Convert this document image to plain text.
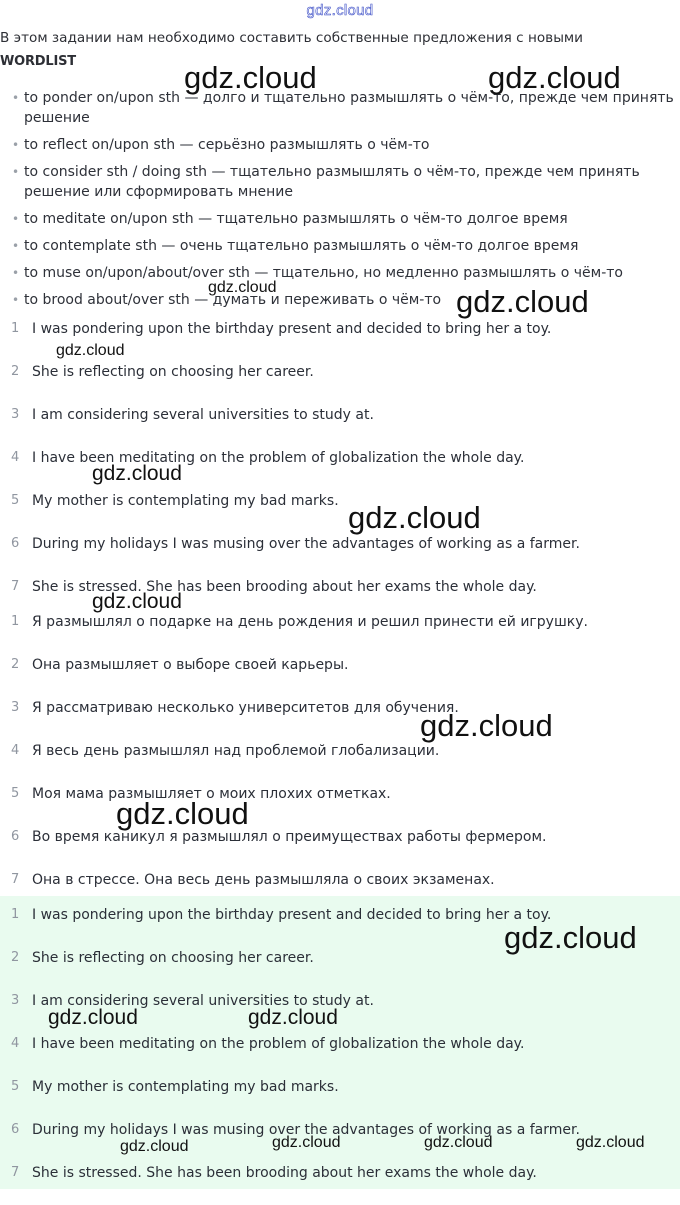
gdz.cloud
В этом задании нам необходимо составить собственные предложения с новыми
WORDLIST
• to ponder on/upon sth — долго и тщательно размышлять о чём-то, прежде чем принять решение
• to reflect on/upon sth — серьёзно размышлять о чём-то
• to consider sth / doing sth — тщательно размышлять о чём-то, прежде чем принять решение или сформировать мнение
• to meditate on/upon sth — тщательно размышлять о чём-то долгое время
• to contemplate sth — очень тщательно размышлять о чём-то долгое время
• to muse on/upon/about/over sth — тщательно, но медленно размышлять о чём-то
• to brood about/over sth — думать и переживать о чём-то
1 I was pondering upon the birthday present and decided to bring her a toy.
2 She is reflecting on choosing her career.
3 I am considering several universities to study at.
4 I have been meditating on the problem of globalization the whole day.
5 My mother is contemplating my bad marks.
6 During my holidays I was musing over the advantages of working as a farmer.
7 She is stressed. She has been brooding about her exams the whole day.
1 Я размышлял о подарке на день рождения и решил принести ей игрушку.
2 Она размышляет о выборе своей карьеры.
3 Я рассматриваю несколько университетов для обучения.
4 Я весь день размышлял над проблемой глобализации.
5 Моя мама размышляет о моих плохих отметках.
6 Во время каникул я размышлял о преимуществах работы фермером.
7 Она в стрессе. Она весь день размышляла о своих экзаменах.
1 I was pondering upon the birthday present and decided to bring her a toy.
2 She is reflecting on choosing her career.
3 I am considering several universities to study at.
4 I have been meditating on the problem of globalization the whole day.
5 My mother is contemplating my bad marks.
6 During my holidays I was musing over the advantages of working as a farmer.
7 She is stressed. She has been brooding about her exams the whole day.
gdz.cloud	gdz.cloud
gdz.cloud	gdz.cloud
gdz.cloud
gdz.cloud
gdz.cloud
gdz.cloud
gdz.cloud
gdz.cloud
gdz.cloud
gdz.cloud	gdz.cloud
gdz.cloud	gdz.cloud	gdz.cloud	gdz.cloud
